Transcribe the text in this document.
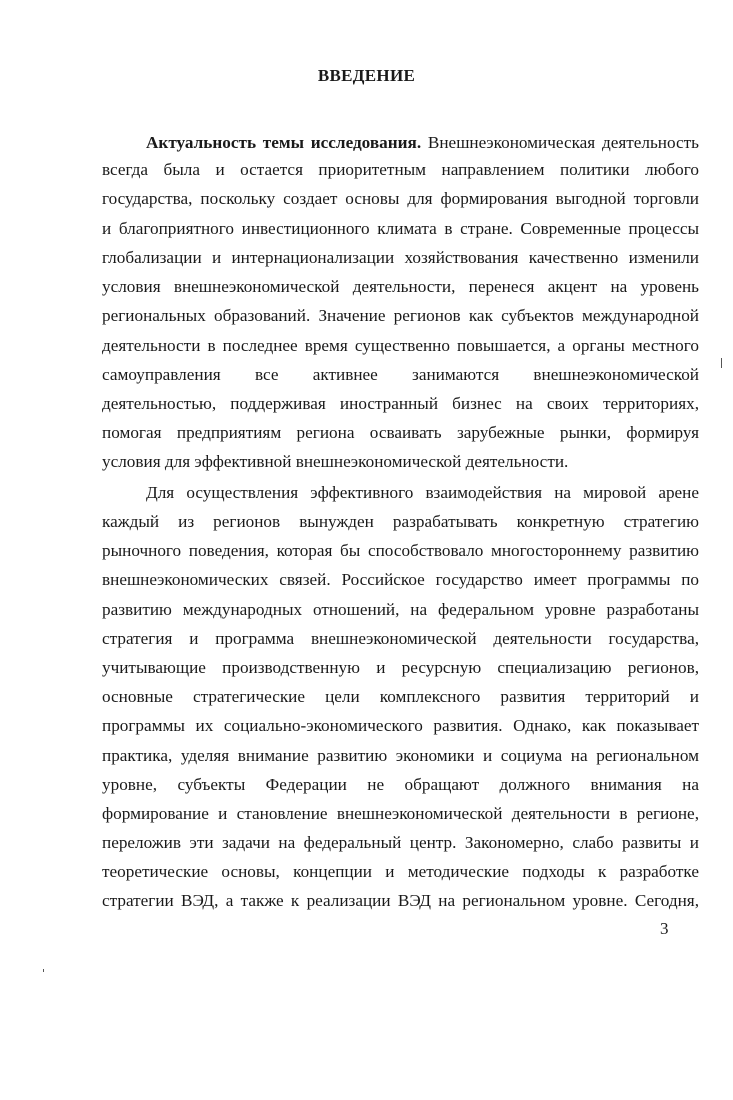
ВВЕДЕНИЕ
Актуальность темы исследования. Внешнеэкономическая деятельность
всегда была и остается приоритетным направлением политики любого
государства, поскольку создает основы для формирования выгодной торговли
и благоприятного инвестиционного климата в стране. Современные процессы
глобализации и интернационализации хозяйствования качественно изменили
условия внешнеэкономической деятельности, перенеся акцент на уровень
региональных образований. Значение регионов как субъектов международной
деятельности в последнее время существенно повышается, а органы местного
самоуправления все активнее занимаются внешнеэкономической
деятельностью, поддерживая иностранный бизнес на своих территориях,
помогая предприятиям региона осваивать зарубежные рынки, формируя
условия для эффективной внешнеэкономической деятельности.
Для осуществления эффективного взаимодействия на мировой арене
каждый из регионов вынужден разрабатывать конкретную стратегию
рыночного поведения, которая бы способствовало многостороннему развитию
внешнеэкономических связей. Российское государство имеет программы по
развитию международных отношений, на федеральном уровне разработаны
стратегия и программа внешнеэкономической деятельности государства,
учитывающие производственную и ресурсную специализацию регионов,
основные стратегические цели комплексного развития территорий и
программы их социально-экономического развития. Однако, как показывает
практика, уделяя внимание развитию экономики и социума на региональном
уровне, субъекты Федерации не обращают должного внимания на
формирование и становление внешнеэкономической деятельности в регионе,
переложив эти задачи на федеральный центр. Закономерно, слабо развиты и
теоретические основы, концепции и методические подходы к разработке
стратегии ВЭД, а также к реализации ВЭД на региональном уровне. Сегодня,
3
